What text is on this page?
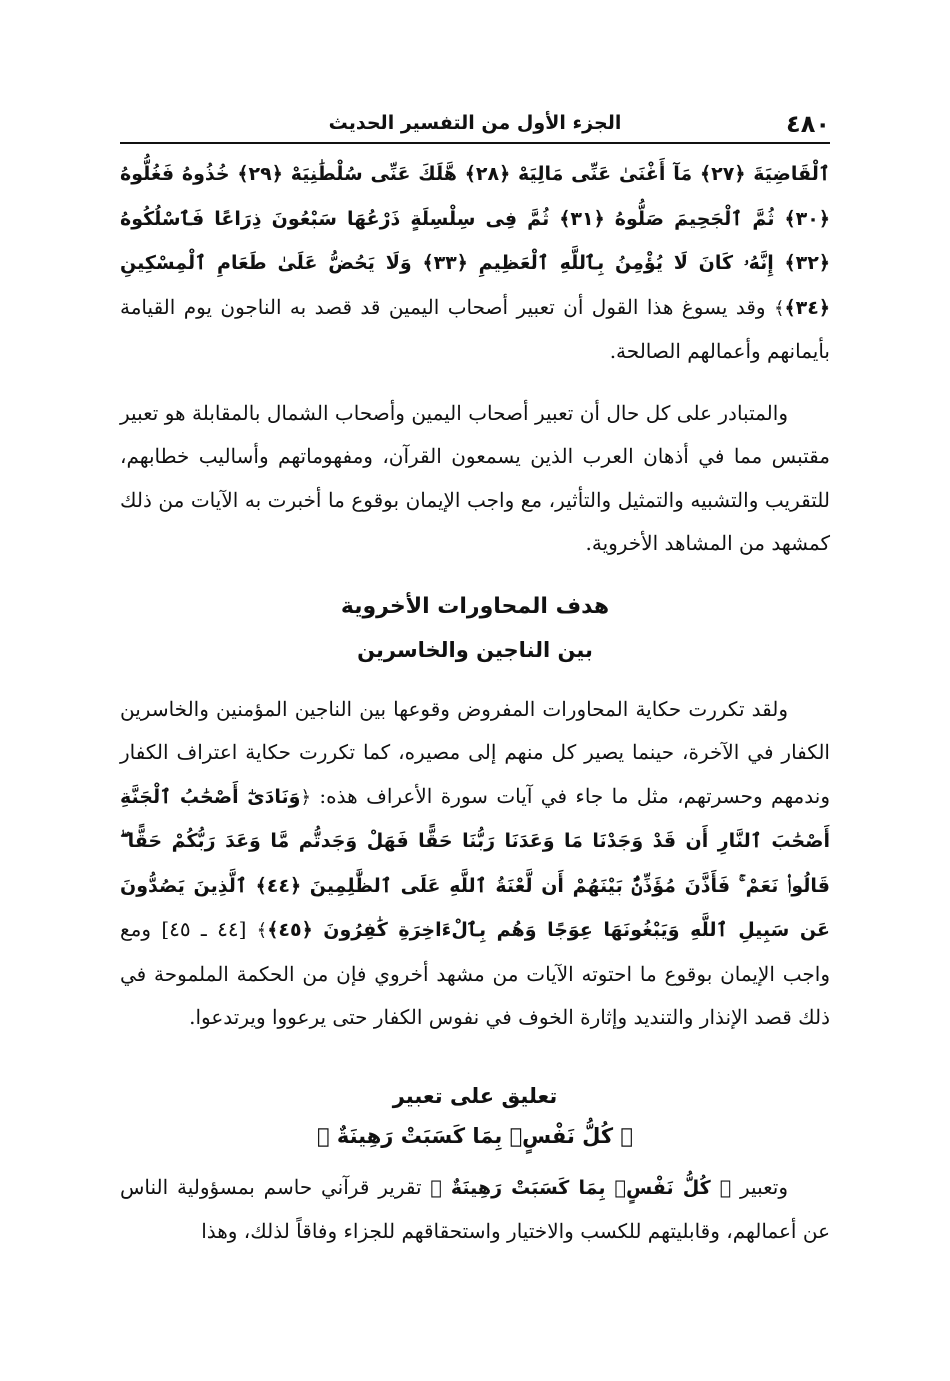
٤٨٠
الجزء الأول من التفسير الحديث

ٱلْقَاضِيَةَ ﴿٢٧﴾ مَآ أَغْنَىٰ عَنِّى مَالِيَهْ ﴿٢٨﴾ هَّلَكَ عَنِّى سُلْطَٰنِيَهْ ﴿٢٩﴾ خُذُوهُ فَغُلُّوهُ ﴿٣٠﴾ ثُمَّ ٱلْجَحِيمَ صَلُّوهُ ﴿٣١﴾ ثُمَّ فِى سِلْسِلَةٍ ذَرْعُهَا سَبْعُونَ ذِرَاعًا فَٱسْلُكُوهُ ﴿٣٢﴾ إِنَّهُۥ كَانَ لَا يُؤْمِنُ بِٱللَّهِ ٱلْعَظِيمِ ﴿٣٣﴾ وَلَا يَحُضُّ عَلَىٰ طَعَامِ ٱلْمِسْكِينِ ﴿٣٤﴾﴾ وقد يسوغ هذا القول أن تعبير أصحاب اليمين قد قصد به الناجون يوم القيامة بأيمانهم وأعمالهم الصالحة.

والمتبادر على كل حال أن تعبير أصحاب اليمين وأصحاب الشمال بالمقابلة هو تعبير مقتبس مما في أذهان العرب الذين يسمعون القرآن، ومفهوماتهم وأساليب خطابهم، للتقريب والتشبيه والتمثيل والتأثير، مع واجب الإيمان بوقوع ما أخبرت به الآيات من ذلك كمشهد من المشاهد الأخروية.

هدف المحاورات الأخروية
بين الناجين والخاسرين

ولقد تكررت حكاية المحاورات المفروض وقوعها بين الناجين المؤمنين والخاسرين الكفار في الآخرة، حينما يصير كل منهم إلى مصيره، كما تكررت حكاية اعتراف الكفار وندمهم وحسرتهم، مثل ما جاء في آيات سورة الأعراف هذه: ﴿وَنَادَىٰٓ أَصْحَٰبُ ٱلْجَنَّةِ أَصْحَٰبَ ٱلنَّارِ أَن قَدْ وَجَدْنَا مَا وَعَدَنَا رَبُّنَا حَقًّا فَهَلْ وَجَدتُّم مَّا وَعَدَ رَبُّكُمْ حَقًّا ۖ قَالُوا۟ نَعَمْ ۚ فَأَذَّنَ مُؤَذِّنٌۢ بَيْنَهُمْ أَن لَّعْنَةُ ٱللَّهِ عَلَى ٱلظَّٰلِمِينَ ﴿٤٤﴾ ٱلَّذِينَ يَصُدُّونَ عَن سَبِيلِ ٱللَّهِ وَيَبْغُونَهَا عِوَجًا وَهُم بِٱلْءَاخِرَةِ كَٰفِرُونَ ﴿٤٥﴾﴾ [٤٤ ـ ٤٥] ومع واجب الإيمان بوقوع ما احتوته الآيات من مشهد أخروي فإن من الحكمة الملموحة في ذلك قصد الإنذار والتنديد وإثارة الخوف في نفوس الكفار حتى يرعووا ويرتدعوا.

تعليق على تعبير
﴿ كُلُّ نَفْسٍۭ بِمَا كَسَبَتْ رَهِينَةٌ ﴾

وتعبير ﴿ كُلُّ نَفْسٍۭ بِمَا كَسَبَتْ رَهِينَةٌ ﴾ تقرير قرآني حاسم بمسؤولية الناس عن أعمالهم، وقابليتهم للكسب والاختيار واستحقاقهم للجزاء وفاقاً لذلك، وهذا
